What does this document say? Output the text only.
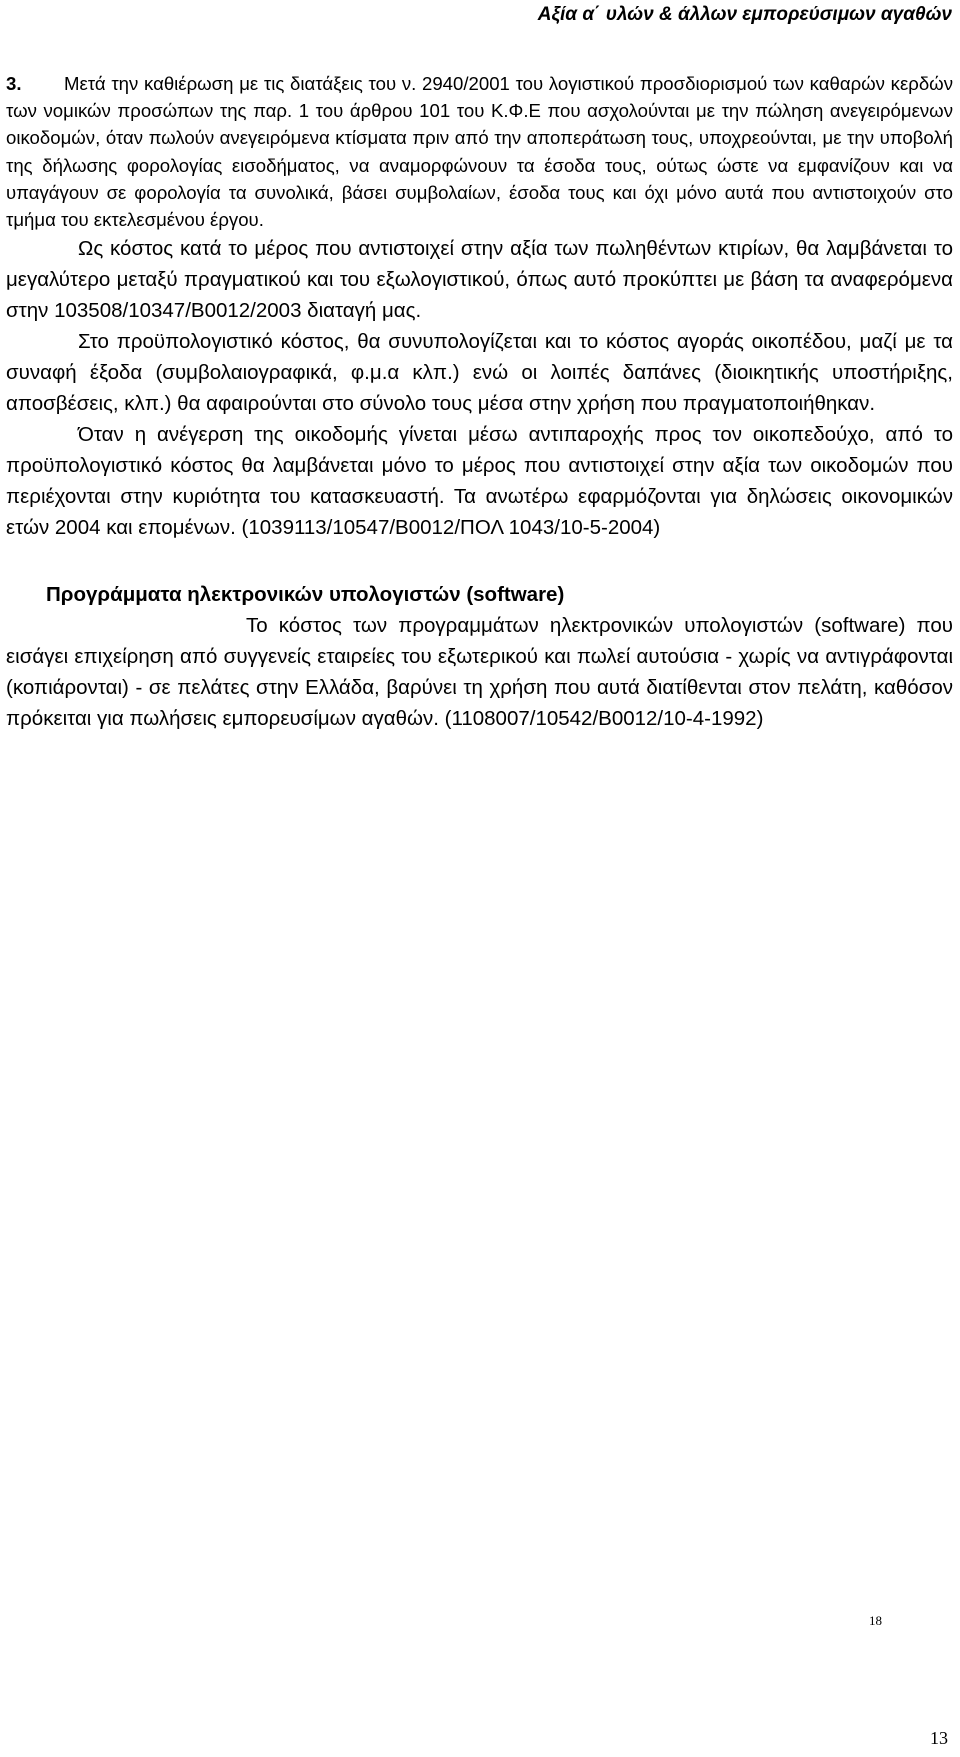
Αξία α΄ υλών & άλλων εμπορεύσιμων αγαθών

3. Μετά την καθιέρωση με τις διατάξεις του ν. 2940/2001 του λογιστικού προσδιορισμού των καθαρών κερδών των νομικών προσώπων της παρ. 1 του άρθρου 101 του Κ.Φ.Ε που ασχολούνται με την πώληση ανεγειρόμενων οικοδομών, όταν πωλούν ανεγειρόμενα κτίσματα πριν από την αποπεράτωση τους, υποχρεούνται, με την υποβολή της δήλωσης φορολογίας εισοδήματος, να αναμορφώνουν τα έσοδα τους, ούτως ώστε να εμφανίζουν και να υπαγάγουν σε φορολογία τα συνολικά, βάσει συμβολαίων, έσοδα τους και όχι μόνο αυτά που αντιστοιχούν στο τμήμα του εκτελεσμένου έργου.

Ως κόστος κατά το μέρος που αντιστοιχεί στην αξία των πωληθέντων κτιρίων, θα λαμβάνεται το μεγαλύτερο μεταξύ πραγματικού και του εξωλογιστικού, όπως αυτό προκύπτει με βάση τα αναφερόμενα στην 103508/10347/Β0012/2003 διαταγή μας.

Στο προϋπολογιστικό κόστος, θα συνυπολογίζεται και το κόστος αγοράς οικοπέδου, μαζί με τα συναφή έξοδα (συμβολαιογραφικά, φ.μ.α κλπ.) ενώ οι λοιπές δαπάνες (διοικητικής υποστήριξης, αποσβέσεις, κλπ.) θα αφαιρούνται στο σύνολο τους μέσα στην χρήση που πραγματοποιήθηκαν.

Όταν η ανέγερση της οικοδομής γίνεται μέσω αντιπαροχής προς τον οικοπεδούχο, από το προϋπολογιστικό κόστος θα λαμβάνεται μόνο το μέρος που αντιστοιχεί στην αξία των οικοδομών που περιέχονται στην κυριότητα του κατασκευαστή. Τα ανωτέρω εφαρμόζονται για δηλώσεις οικονομικών ετών 2004 και επομένων. (1039113/10547/Β0012/ΠΟΛ 1043/10-5-2004)

Προγράμματα ηλεκτρονικών υπολογιστών (software)

Το κόστος των προγραμμάτων ηλεκτρονικών υπολογιστών (software) που εισάγει επιχείρηση από συγγενείς εταιρείες του εξωτερικού και πωλεί αυτούσια - χωρίς να αντιγράφονται (κοπιάρονται) - σε πελάτες στην Ελλάδα, βαρύνει τη χρήση που αυτά διατίθενται στον πελάτη, καθόσον πρόκειται για πωλήσεις εμπορευσίμων αγαθών. (1108007/10542/Β0012/10-4-1992)

18
13
